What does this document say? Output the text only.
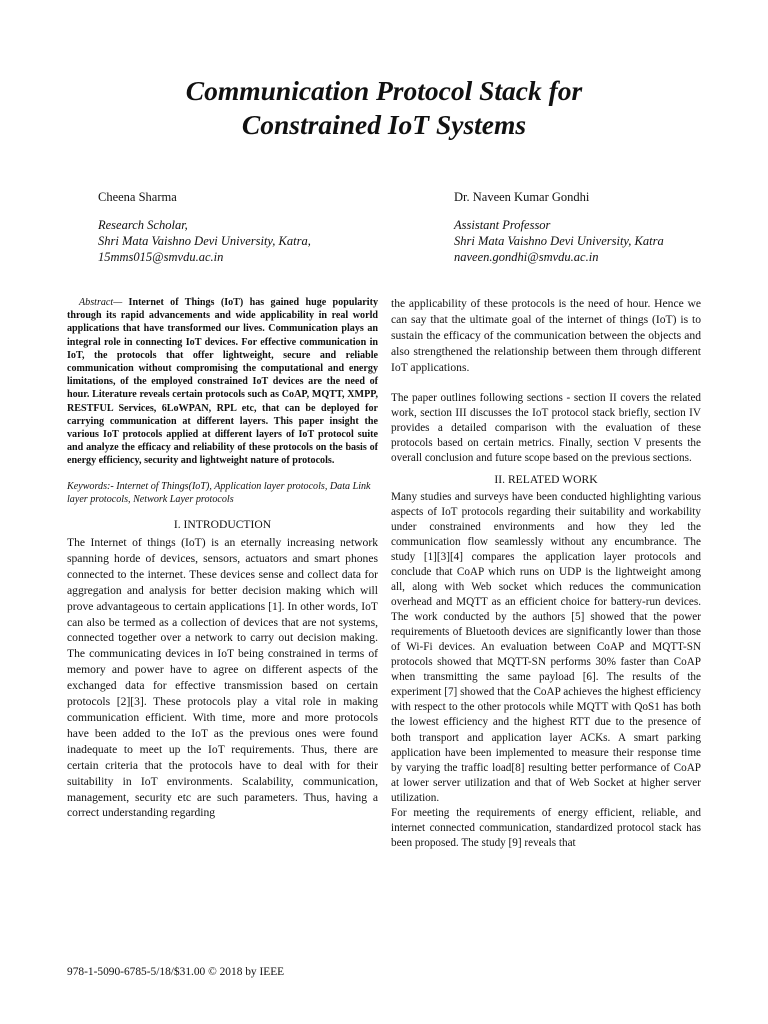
Communication Protocol Stack for
Constrained IoT Systems
Cheena Sharma
Research Scholar,
Shri Mata Vaishno Devi University, Katra,
15mms015@smvdu.ac.in
Dr. Naveen Kumar Gondhi
Assistant Professor
Shri Mata Vaishno Devi University, Katra
naveen.gondhi@smvdu.ac.in

Abstract— Internet of Things (IoT) has gained huge popularity through its rapid advancements and wide applicability in real world applications that have transformed our lives. Communication plays an integral role in connecting IoT devices. For effective communication in IoT, the protocols that offer lightweight, secure and reliable communication without compromising the computational and energy limitations, of the employed constrained IoT devices are the need of hour. Literature reveals certain protocols such as CoAP, MQTT, XMPP, RESTFUL Services, 6LoWPAN, RPL etc, that can be deployed for carrying communication at different layers. This paper insight the various IoT protocols applied at different layers of IoT protocol suite and analyze the efficacy and reliability of these protocols on the basis of energy efficiency, security and lightweight nature of protocols.

Keywords:- Internet of Things(IoT), Application layer protocols, Data Link layer protocols, Network Layer protocols

I. INTRODUCTION

The Internet of things (IoT) is an eternally increasing network spanning horde of devices, sensors, actuators and smart phones connected to the internet. These devices sense and collect data for aggregation and analysis for better decision making which will prove advantageous to certain applications [1]. In other words, IoT can also be termed as a collection of devices that are not systems, connected together over a network to carry out decision making. The communicating devices in IoT being constrained in terms of memory and power have to agree on different aspects of the exchanged data for effective transmission based on certain protocols [2][3]. These protocols play a vital role in making communication efficient. With time, more and more protocols have been added to the IoT as the previous ones were found inadequate to meet up the IoT requirements. Thus, there are certain criteria that the protocols have to deal with for their suitability in IoT environments. Scalability, communication, management, security etc are such parameters. Thus, having a correct understanding regarding

the applicability of these protocols is the need of hour. Hence we can say that the ultimate goal of the internet of things (IoT) is to sustain the efficacy of the communication between the objects and also strengthened the relationship between them through different IoT applications.

The paper outlines following sections - section II covers the related work, section III discusses the IoT protocol stack briefly, section IV provides a detailed comparison with the evaluation of these protocols based on certain metrics. Finally, section V presents the overall conclusion and future scope based on the previous sections.

II. RELATED WORK

Many studies and surveys have been conducted highlighting various aspects of IoT protocols regarding their suitability and workability under constrained environments and how they led the communication flow seamlessly without any encumbrance. The study [1][3][4] compares the application layer protocols and conclude that CoAP which runs on UDP is the lightweight among all, along with Web socket which reduces the communication overhead and MQTT as an efficient choice for battery-run devices. The work conducted by the authors [5] showed that the power requirements of Bluetooth devices are significantly lower than those of Wi-Fi devices. An evaluation between CoAP and MQTT-SN protocols showed that MQTT-SN performs 30% faster than CoAP when transmitting the same payload [6]. The results of the experiment [7] showed that the CoAP achieves the highest efficiency with respect to the other protocols while MQTT with QoS1 has both the lowest efficiency and the highest RTT due to the presence of both transport and application layer ACKs. A smart parking application have been implemented to measure their response time by varying the traffic load[8] resulting better performance of CoAP at lower server utilization and that of Web Socket at higher server utilization.

For meeting the requirements of energy efficient, reliable, and internet connected communication, standardized protocol stack has been proposed. The study [9] reveals that

978-1-5090-6785-5/18/$31.00 © 2018 by IEEE
